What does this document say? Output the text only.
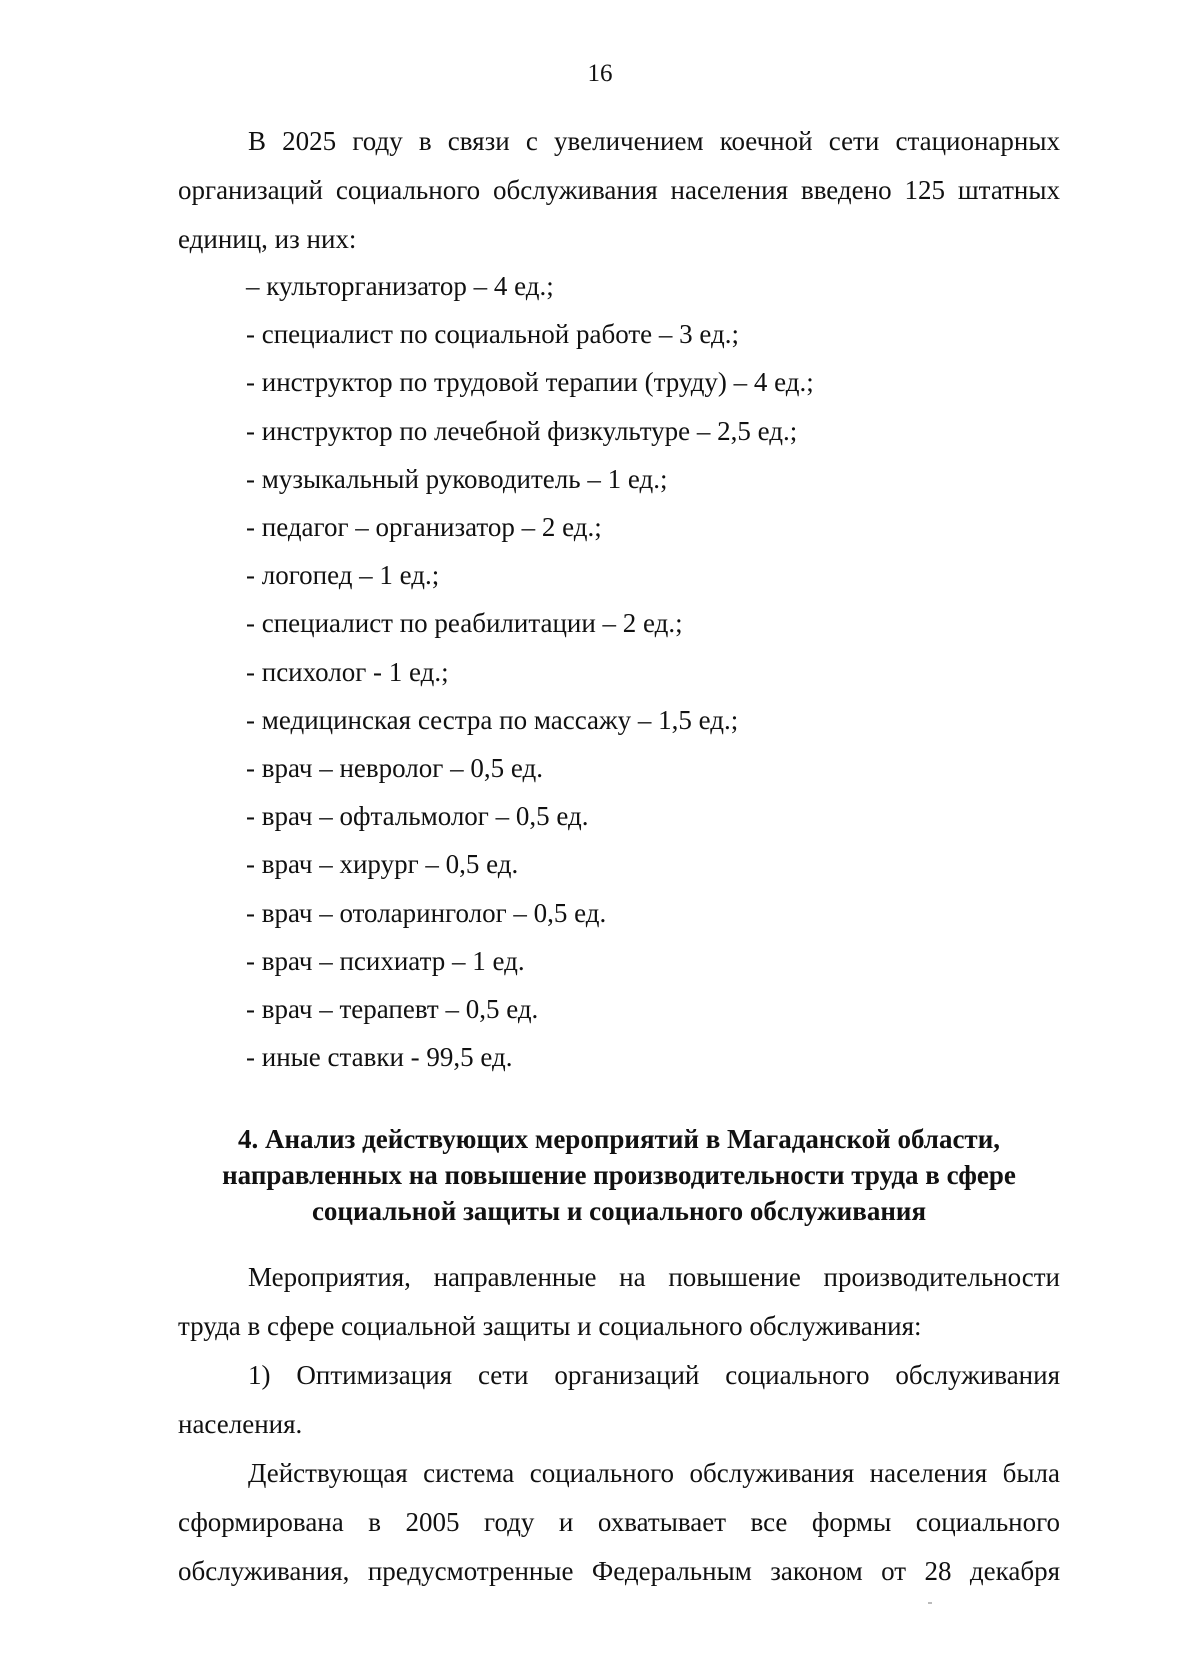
16

В 2025 году в связи с увеличением коечной сети стационарных организаций социального обслуживания населения введено 125 штатных единиц, из них:

– культорганизатор – 4 ед.;
- специалист по социальной работе – 3 ед.;
- инструктор по трудовой терапии (труду) – 4 ед.;
- инструктор по лечебной физкультуре – 2,5 ед.;
- музыкальный руководитель – 1 ед.;
- педагог – организатор – 2 ед.;
- логопед – 1 ед.;
- специалист по реабилитации – 2 ед.;
- психолог - 1 ед.;
- медицинская сестра по массажу – 1,5 ед.;
- врач – невролог – 0,5 ед.
- врач – офтальмолог – 0,5 ед.
- врач – хирург – 0,5 ед.
- врач – отоларинголог – 0,5 ед.
- врач – психиатр – 1 ед.
- врач – терапевт – 0,5 ед.
- иные ставки - 99,5 ед.
4. Анализ действующих мероприятий в Магаданской области,
направленных на повышение производительности труда в сфере
социальной защиты и социального обслуживания

Мероприятия, направленные на повышение производительности труда в сфере социальной защиты и социального обслуживания:

1) Оптимизация сети организаций социального обслуживания населения.

Действующая система социального обслуживания населения была сформирована в 2005 году и охватывает все формы социального обслуживания, предусмотренные Федеральным законом от 28 декабря
